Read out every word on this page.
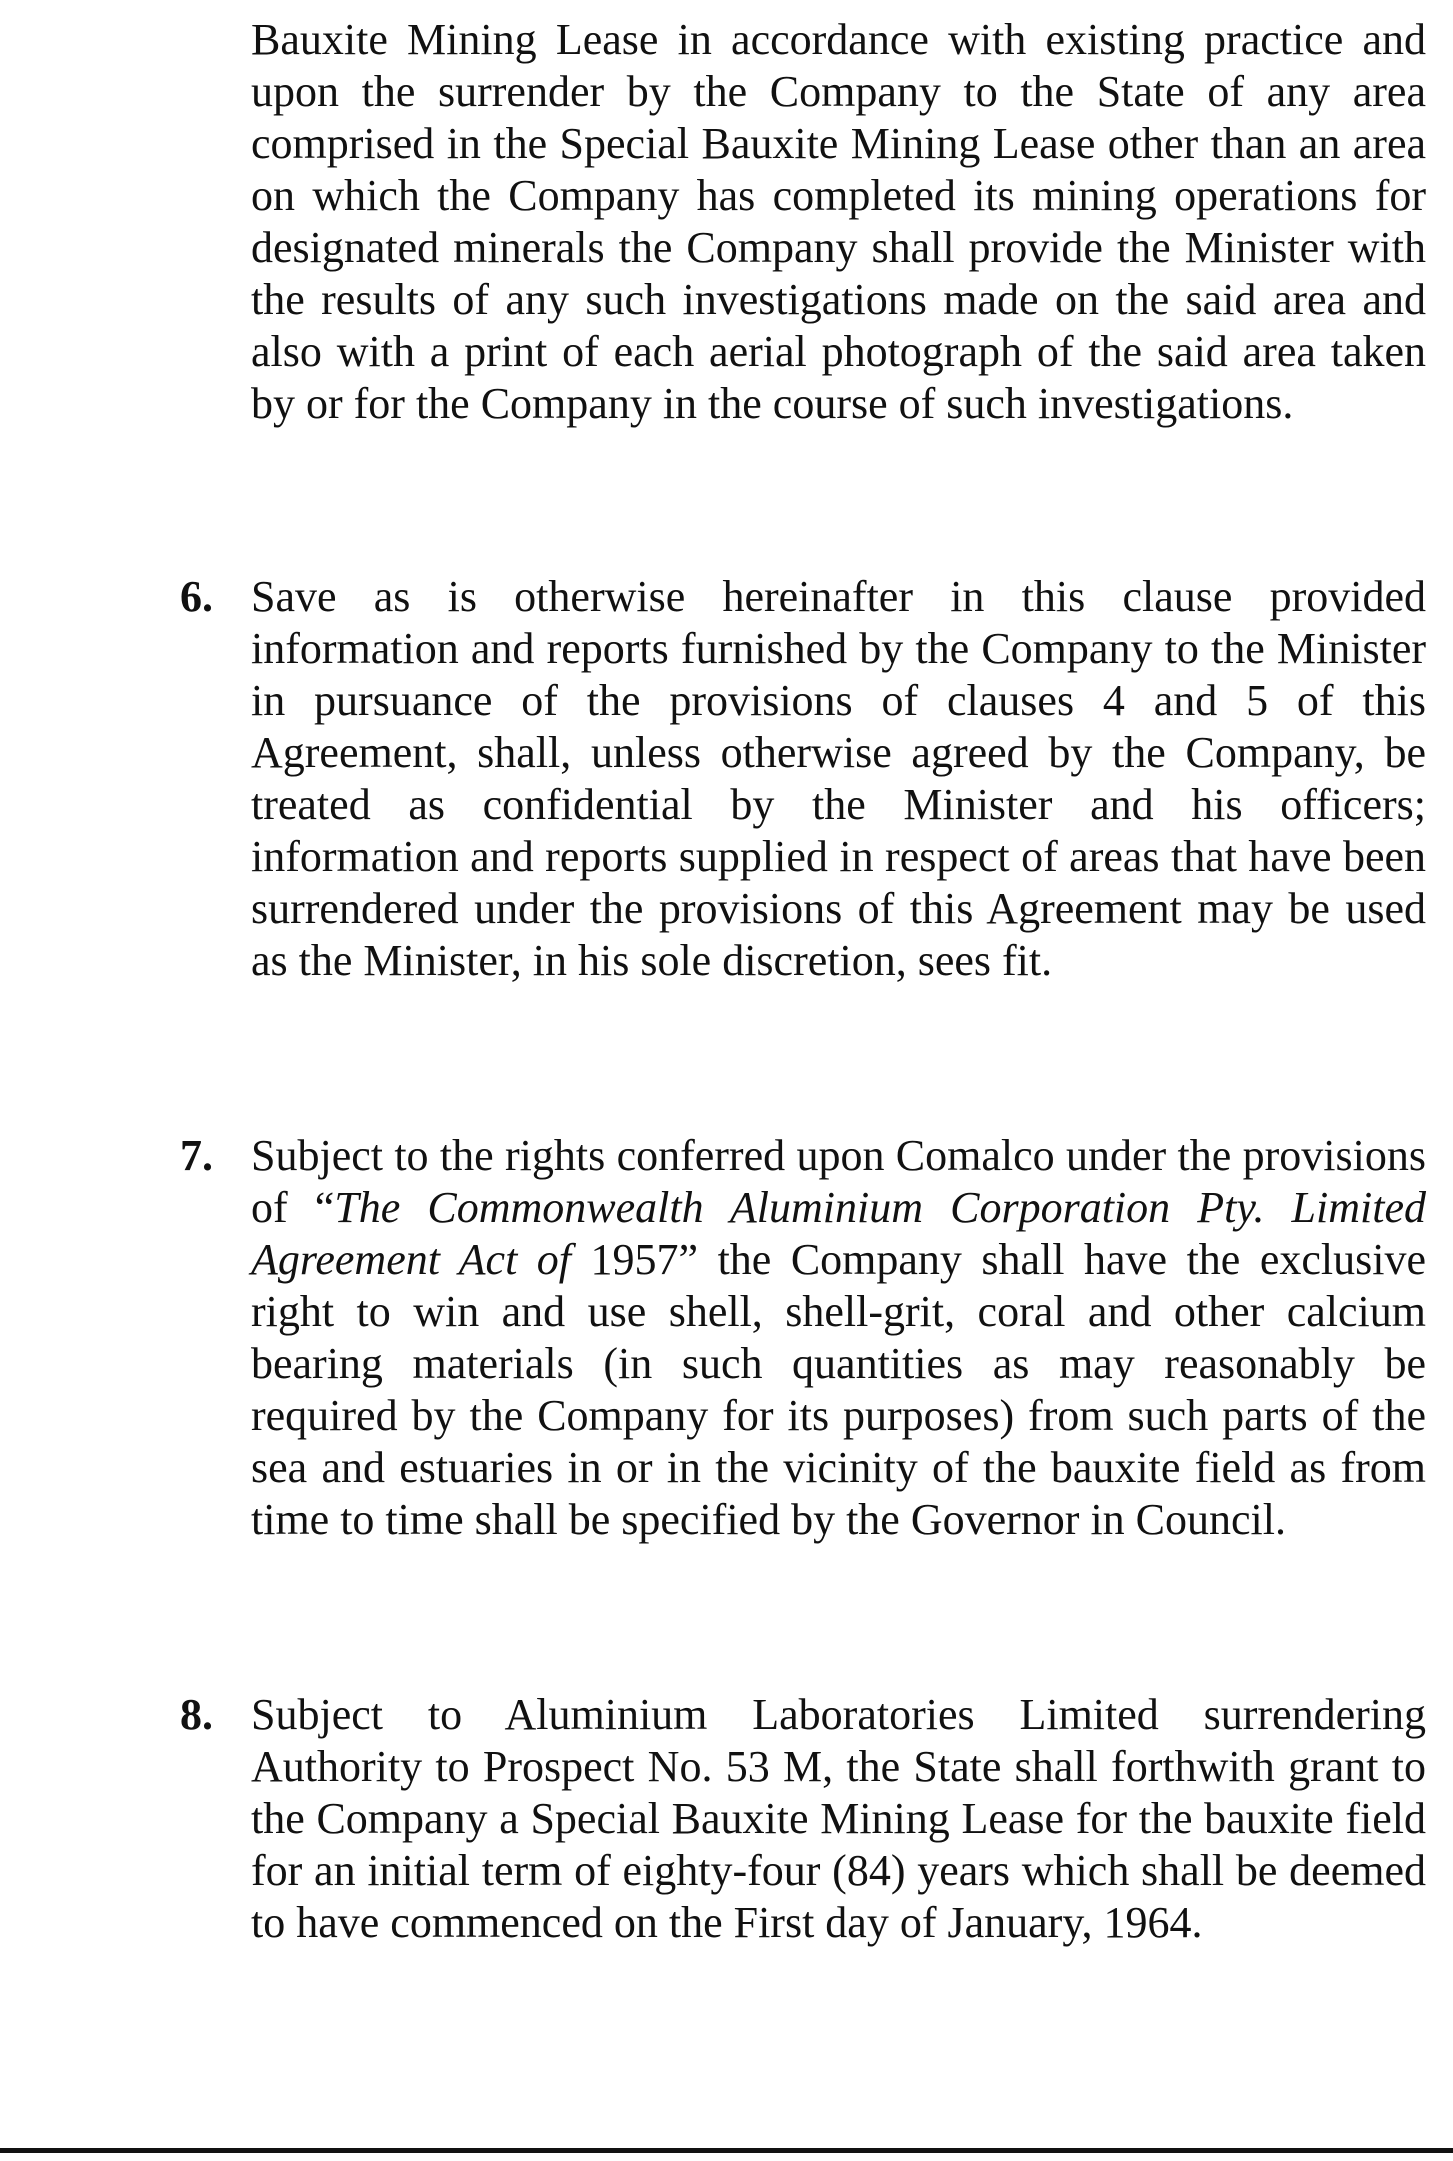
Bauxite Mining Lease in accordance with existing practice and upon the surrender by the Company to the State of any area comprised in the Special Bauxite Mining Lease other than an area on which the Company has completed its mining operations for designated minerals the Company shall provide the Minister with the results of any such investigations made on the said area and also with a print of each aerial photograph of the said area taken by or for the Company in the course of such investigations.
6. Save as is otherwise hereinafter in this clause provided information and reports furnished by the Company to the Minister in pursuance of the provisions of clauses 4 and 5 of this Agreement, shall, unless otherwise agreed by the Company, be treated as confidential by the Minister and his officers; information and reports supplied in respect of areas that have been surrendered under the provisions of this Agreement may be used as the Minister, in his sole discretion, sees fit.
7. Subject to the rights conferred upon Comalco under the provisions of “The Commonwealth Aluminium Corporation Pty. Limited Agreement Act of 1957” the Company shall have the exclusive right to win and use shell, shell-grit, coral and other calcium bearing materials (in such quantities as may reasonably be required by the Company for its purposes) from such parts of the sea and estuaries in or in the vicinity of the bauxite field as from time to time shall be specified by the Governor in Council.
8. Subject to Aluminium Laboratories Limited surrendering Authority to Prospect No. 53 M, the State shall forthwith grant to the Company a Special Bauxite Mining Lease for the bauxite field for an initial term of eighty-four (84) years which shall be deemed to have commenced on the First day of January, 1964.
